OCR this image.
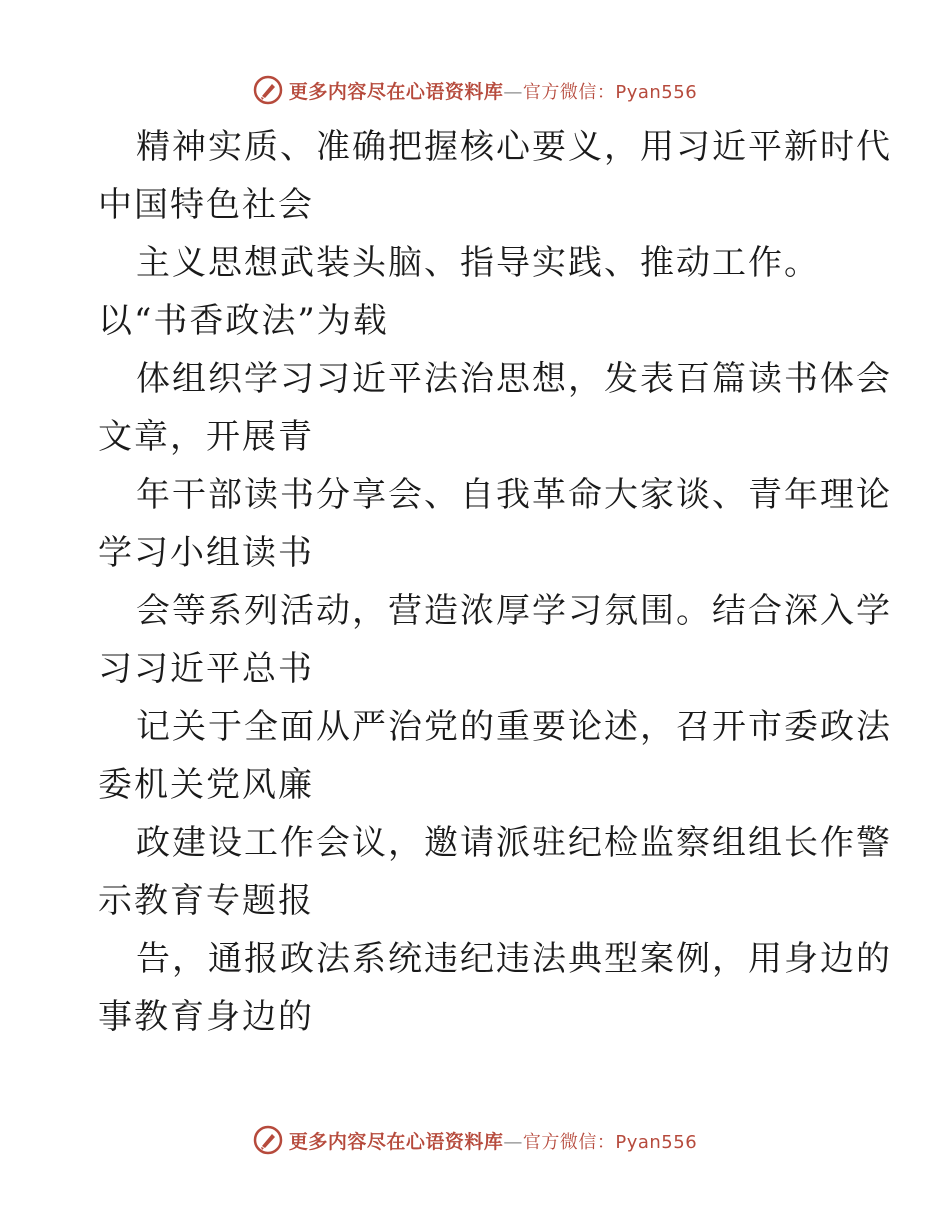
更多内容尽在心语资料库—官方微信：Pyan556
精神实质、准确把握核心要义，用习近平新时代
中国特色社会
主义思想武装头脑、指导实践、推动工作。
以“书香政法”为载
体组织学习习近平法治思想，发表百篇读书体会
文章，开展青
年干部读书分享会、自我革命大家谈、青年理论
学习小组读书
会等系列活动，营造浓厚学习氛围。结合深入学
习习近平总书
记关于全面从严治党的重要论述，召开市委政法
委机关党风廉
政建设工作会议，邀请派驻纪检监察组组长作警
示教育专题报
告，通报政法系统违纪违法典型案例，用身边的
事教育身边的
更多内容尽在心语资料库—官方微信：Pyan556
